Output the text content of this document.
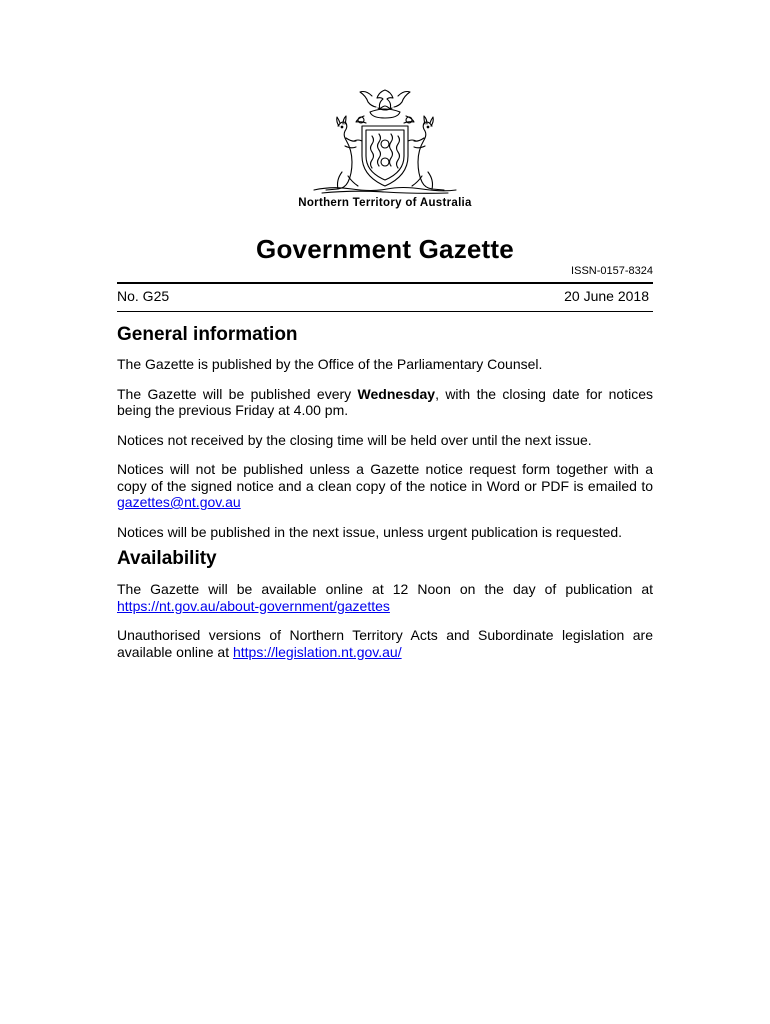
Northern Territory of Australia
Government Gazette
ISSN-0157-8324
No. G25	20 June 2018
General information

The Gazette is published by the Office of the Parliamentary Counsel.

The Gazette will be published every Wednesday, with the closing date for notices being the previous Friday at 4.00 pm.

Notices not received by the closing time will be held over until the next issue.

Notices will not be published unless a Gazette notice request form together with a copy of the signed notice and a clean copy of the notice in Word or PDF is emailed to gazettes@nt.gov.au

Notices will be published in the next issue, unless urgent publication is requested.

Availability

The Gazette will be available online at 12 Noon on the day of publication at https://nt.gov.au/about-government/gazettes

Unauthorised versions of Northern Territory Acts and Subordinate legislation are available online at https://legislation.nt.gov.au/
